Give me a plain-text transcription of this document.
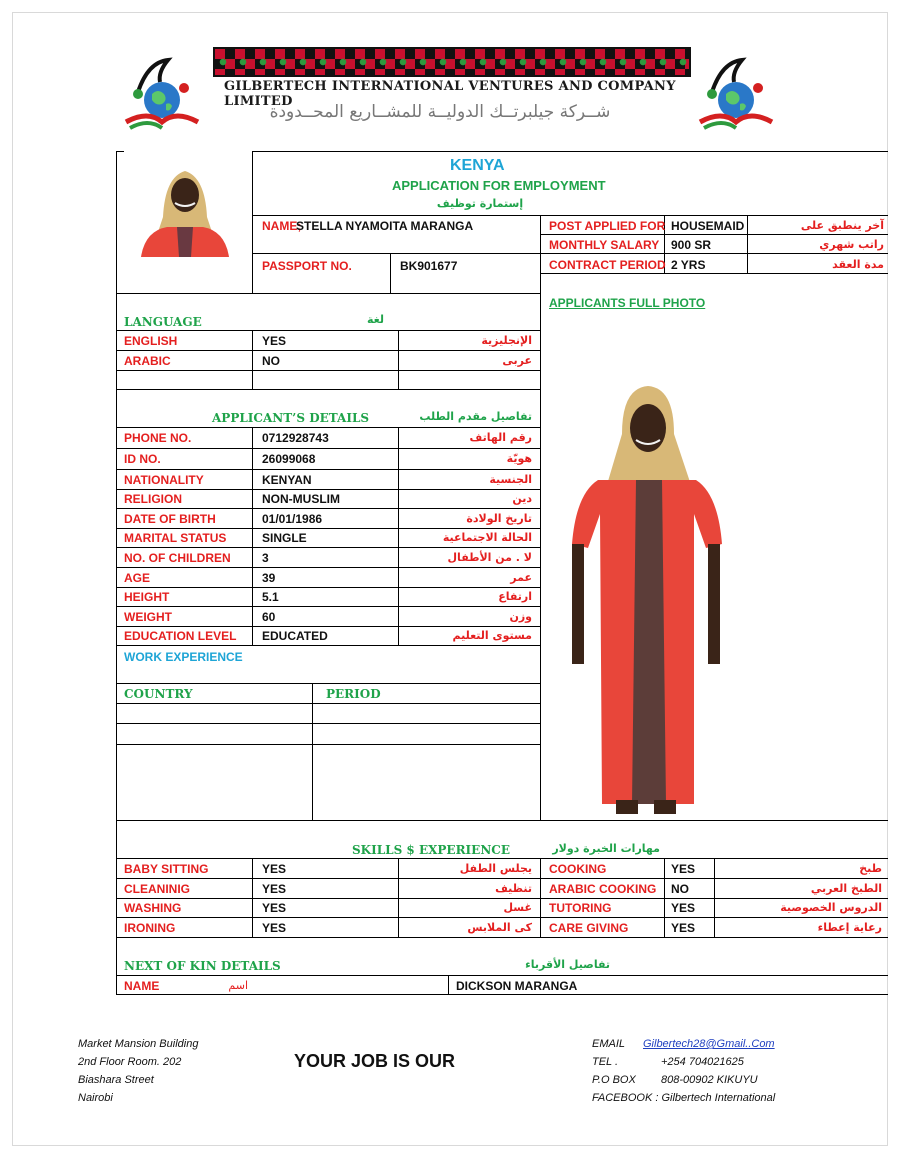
GILBERTECH INTERNATIONAL VENTURES AND COMPANY LIMITED
شــركة جيلبرتــك الدوليــة للمشــاريع المحــدودة
KENYA
APPLICATION FOR EMPLOYMENT
إستمارة توظيف
NAME;
STELLA NYAMOITA MARANGA
PASSPORT NO.	BK901677
POST APPLIED FOR HOUSEMAID	آخر ينطبق على
MONTHLY SALARY 900 SR	راتب شهري
CONTRACT PERIOD 2 YRS	مدة العقد
APPLICANTS FULL PHOTO
LANGUAGE	لغة
ENGLISH	YES	الإنجليزية
ARABIC	NO	عربى
APPLICANT’S DETAILS	تفاصيل مقدم الطلب
PHONE NO.	0712928743	رقم الهاتف
ID NO.	26099068	هويّة
NATIONALITY	KENYAN	الجنسية
RELIGION	NON-MUSLIM	دين
DATE OF BIRTH	01/01/1986	تاريخ الولادة
MARITAL STATUS	SINGLE	الحالة الاجتماعية
NO. OF CHILDREN	3	لا . من الأطفال
AGE	39	عمر
HEIGHT	5.1	ارتفاع
WEIGHT	60	وزن
EDUCATION LEVEL EDUCATED	مستوى التعليم
WORK EXPERIENCE
COUNTRY	PERIOD
SKILLS $ EXPERIENCE	مهارات الخبرة دولار
BABY SITTING	YES	يجلس الطفل COOKING	YES	طبخ
CLEANINIG	YES	تنظيف ARABIC COOKING NO	الطبخ العربي
WASHING	YES	غسل TUTORING	YES	الدروس الخصوصية
IRONING	YES	كى الملابس CARE GIVING	YES	رعاية إعطاء
NEXT OF KIN DETAILS	تفاصيل الأقرباء
NAME	اسم	DICKSON MARANGA
Market Mansion Building
2nd Floor Room. 202
Biashara Street
Nairobi
YOUR JOB IS OUR
EMAIL Gilbertech28@Gmail..Com
TEL .	+254 704021625
P.O BOX 808-00902 KIKUYU
FACEBOOK : Gilbertech International
